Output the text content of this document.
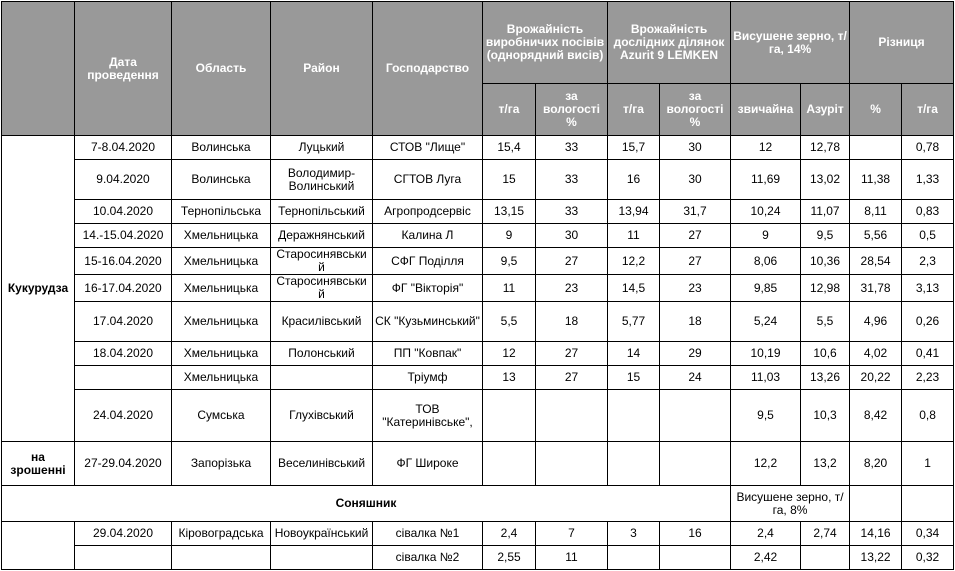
	Дата проведення	Область	Район	Господарство	Врожайність виробничих посівів (однорядний висів)		Врожайність дослідних ділянок Azurit 9 LEMKEN		Висушене зерно, т/га, 14%		Різниця	
					т/га	за вологості %	т/га	за вологості %	звичайна	Азуріт	%	т/га
Кукурудза	7-8.04.2020	Волинська	Луцький	СТОВ "Лище"	15,4	33	15,7	30	12	12,78		0,78
	9.04.2020	Волинська	Володимир-Волинський	СГТОВ Луга	15	33	16	30	11,69	13,02	11,38	1,33
	10.04.2020	Тернопільська	Тернопільський	Агропродсервіс	13,15	33	13,94	31,7	10,24	11,07	8,11	0,83
	14.-15.04.2020	Хмельницька	Деражнянський	Калина Л	9	30	11	27	9	9,5	5,56	0,5
	15-16.04.2020	Хмельницька	Старосинявський	СФГ Поділля	9,5	27	12,2	27	8,06	10,36	28,54	2,3
	16-17.04.2020	Хмельницька	Старосинявський	ФГ "Вікторія"	11	23	14,5	23	9,85	12,98	31,78	3,13
	17.04.2020	Хмельницька	Красилівський	СК "Кузьминський"	5,5	18	5,77	18	5,24	5,5	4,96	0,26
	18.04.2020	Хмельницька	Полонський	ПП "Ковпак"	12	27	14	29	10,19	10,6	4,02	0,41
		Хмельницька		Тріумф	13	27	15	24	11,03	13,26	20,22	2,23
	24.04.2020	Сумська	Глухівський	ТОВ "Катеринівське",					9,5	10,3	8,42	0,8
на зрошенні	27-29.04.2020	Запорізька	Веселинівський	ФГ Широке					12,2	13,2	8,20	1
Соняшник									Висушене зерно, т/га, 8%			
	29.04.2020	Кіровоградська	Новоукраїнський	сівалка №1	2,4	7	3	16	2,4	2,74	14,16	0,34
				сівалка №2	2,55	11			2,42		13,22	0,32
